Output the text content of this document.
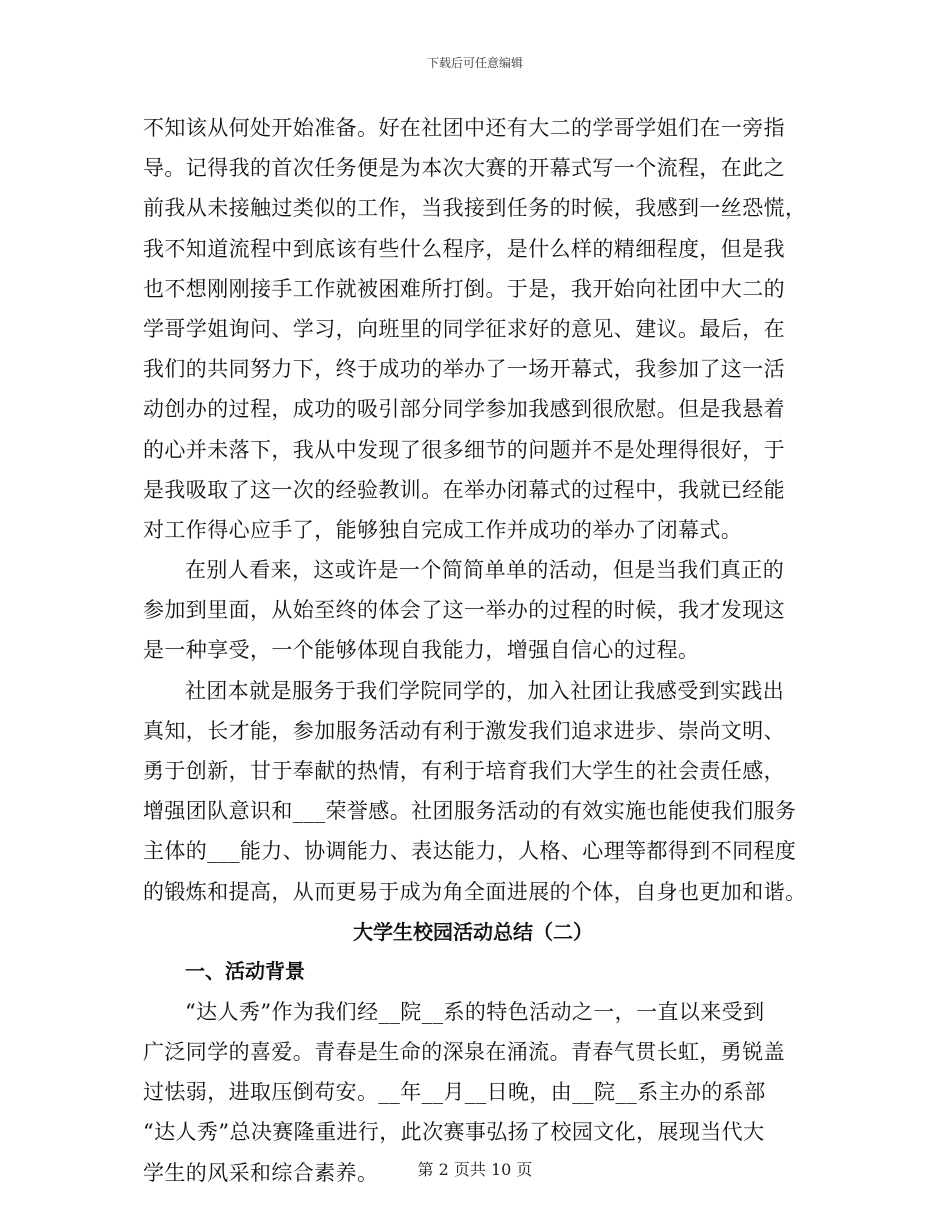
下载后可任意编辑
不知该从何处开始准备。好在社团中还有大二的学哥学姐们在一旁指
导。记得我的首次任务便是为本次大赛的开幕式写一个流程，在此之
前我从未接触过类似的工作，当我接到任务的时候，我感到一丝恐慌，
我不知道流程中到底该有些什么程序，是什么样的精细程度，但是我
也不想刚刚接手工作就被困难所打倒。于是，我开始向社团中大二的
学哥学姐询问、学习，向班里的同学征求好的意见、建议。最后，在
我们的共同努力下，终于成功的举办了一场开幕式，我参加了这一活
动创办的过程，成功的吸引部分同学参加我感到很欣慰。但是我悬着
的心并未落下，我从中发现了很多细节的问题并不是处理得很好，于
是我吸取了这一次的经验教训。在举办闭幕式的过程中，我就已经能
对工作得心应手了，能够独自完成工作并成功的举办了闭幕式。
在别人看来，这或许是一个简简单单的活动，但是当我们真正的
参加到里面，从始至终的体会了这一举办的过程的时候，我才发现这
是一种享受，一个能够体现自我能力，增强自信心的过程。
社团本就是服务于我们学院同学的，加入社团让我感受到实践出
真知，长才能，参加服务活动有利于激发我们追求进步、崇尚文明、
勇于创新，甘于奉献的热情，有利于培育我们大学生的社会责任感，
增强团队意识和___荣誉感。社团服务活动的有效实施也能使我们服务
主体的___能力、协调能力、表达能力，人格、心理等都得到不同程度
的锻炼和提高，从而更易于成为角全面进展的个体，自身也更加和谐。
大学生校园活动总结（二）
一、活动背景
“达人秀”作为我们经__院__系的特色活动之一，一直以来受到
广泛同学的喜爱。青春是生命的深泉在涌流。青春气贯长虹，勇锐盖
过怯弱，进取压倒苟安。__年__月__日晚，由__院__系主办的系部
“达人秀”总决赛隆重进行，此次赛事弘扬了校园文化，展现当代大
学生的风采和综合素养。	第 2 页共 10 页
